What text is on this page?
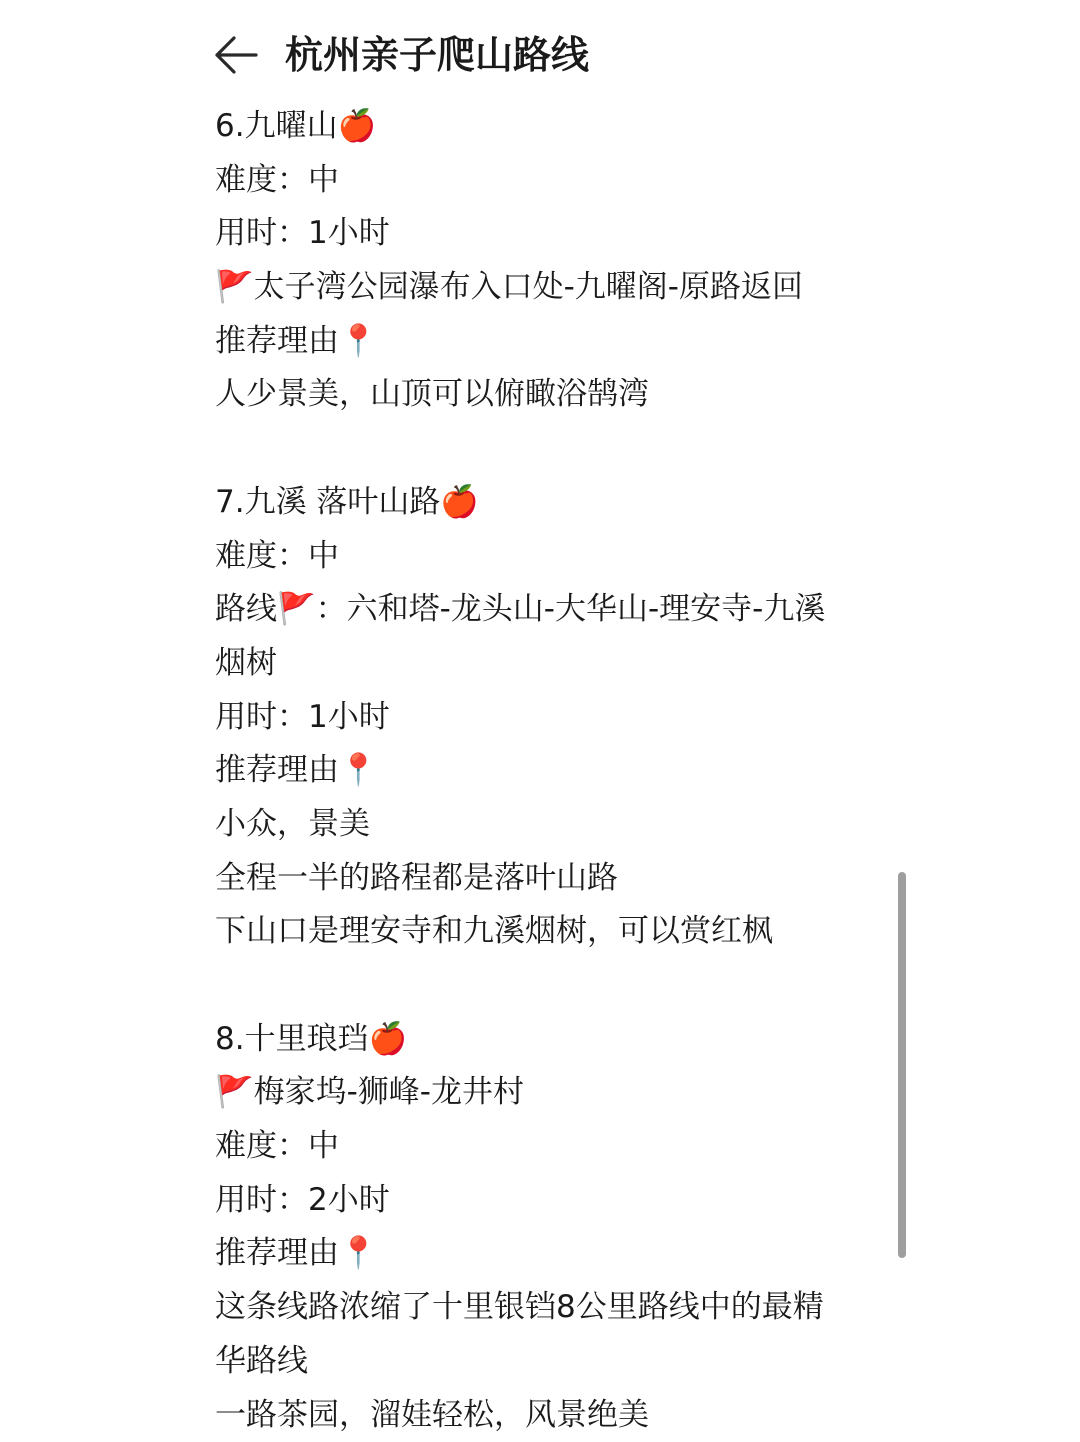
杭州亲子爬山路线
6.九曜山🍎
难度：中
用时：1小时
🚩太子湾公园瀑布入口处-九曜阁-原路返回
推荐理由📍
人少景美，山顶可以俯瞰浴鹄湾
7.九溪 落叶山路🍎
难度：中
路线🚩：六和塔-龙头山-大华山-理安寺-九溪
烟树
用时：1小时
推荐理由📍
小众，景美
全程一半的路程都是落叶山路
下山口是理安寺和九溪烟树，可以赏红枫
8.十里琅珰🍎
🚩梅家坞-狮峰-龙井村
难度：中
用时：2小时
推荐理由📍
这条线路浓缩了十里银铛8公里路线中的最精
华路线
一路茶园，溜娃轻松，风景绝美
